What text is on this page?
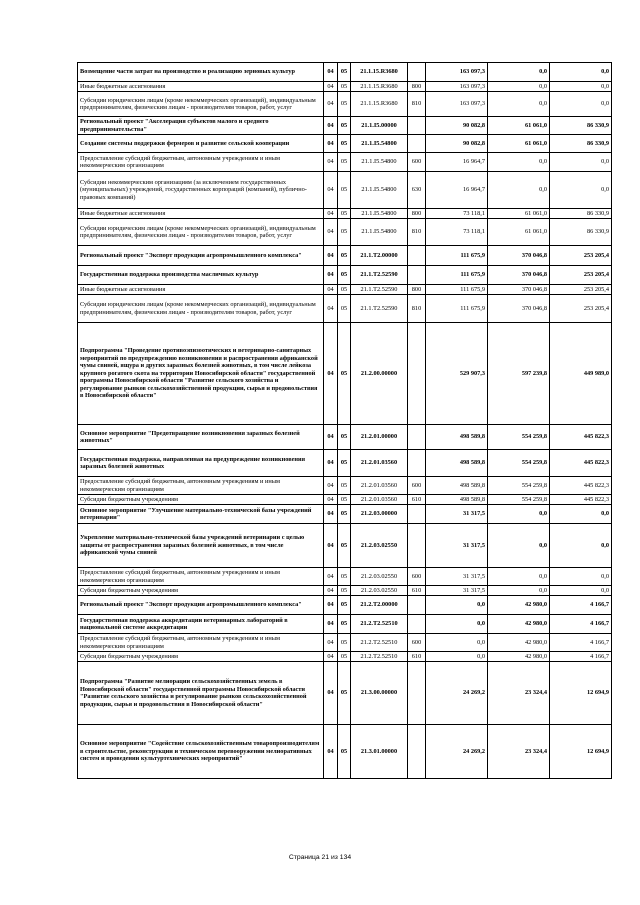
Возмещение части затрат на производство и реализацию зерновых культур	04	05	21.1.15.R3680		163 097,3	0,0	0,0
Иные бюджетные ассигнования	04	05	21.1.15.R3680	800	163 097,3	0,0	0,0
Субсидии юридическим лицам (кроме некоммерческих организаций), индивидуальным предпринимателям, физическим лицам - производителям товаров, работ, услуг	04	05	21.1.15.R3680	810	163 097,3	0,0	0,0
Региональный проект "Акселерация субъектов малого и среднего предпринимательства"	04	05	21.1.I5.00000		90 082,8	61 061,0	86 330,9
Создание системы поддержки фермеров и развитие сельской кооперации	04	05	21.1.I5.54800		90 082,8	61 061,0	86 330,9
Предоставление субсидий бюджетным, автономным учреждениям и иным некоммерческим организациям	04	05	21.1.I5.54800	600	16 964,7	0,0	0,0
Субсидии некоммерческим организациям (за исключением государственных (муниципальных) учреждений, государственных корпораций (компаний), публично-правовых компаний)	04	05	21.1.I5.54800	630	16 964,7	0,0	0,0
Иные бюджетные ассигнования	04	05	21.1.I5.54800	800	73 118,1	61 061,0	86 330,9
Субсидии юридическим лицам (кроме некоммерческих организаций), индивидуальным предпринимателям, физическим лицам - производителям товаров, работ, услуг	04	05	21.1.I5.54800	810	73 118,1	61 061,0	86 330,9
Региональный проект "Экспорт продукции агропромышленного комплекса"	04	05	21.1.T2.00000		111 675,9	370 046,8	253 205,4
Государственная поддержка производства масличных культур	04	05	21.1.T2.52590		111 675,9	370 046,8	253 205,4
Иные бюджетные ассигнования	04	05	21.1.T2.52590	800	111 675,9	370 046,8	253 205,4
Субсидии юридическим лицам (кроме некоммерческих организаций), индивидуальным предпринимателям, физическим лицам - производителям товаров, работ, услуг	04	05	21.1.T2.52590	810	111 675,9	370 046,8	253 205,4
Подпрограмма "Проведение противоэпизоотических и ветеринарно-санитарных мероприятий по предупреждению возникновения и распространения африканской чумы свиней, ящура и других заразных болезней животных, в том числе лейкоза крупного рогатого скота на территории Новосибирской области" государственной программы Новосибирской области "Развитие сельского хозяйства и регулирование рынков сельскохозяйственной продукции, сырья и продовольствия в Новосибирской области"	04	05	21.2.00.00000		529 907,3	597 239,8	449 989,0
Основное мероприятие "Предотвращение возникновения заразных болезней животных"	04	05	21.2.01.00000		498 589,8	554 259,8	445 822,3
Государственная поддержка, направленная на предупреждение возникновения заразных болезней животных	04	05	21.2.01.03560		498 589,8	554 259,8	445 822,3
Предоставление субсидий бюджетным, автономным учреждениям и иным некоммерческим организациям	04	05	21.2.01.03560	600	498 589,8	554 259,8	445 822,3
Субсидии бюджетным учреждениям	04	05	21.2.01.03560	610	498 589,8	554 259,8	445 822,3
Основное мероприятие "Улучшение материально-технической базы учреждений ветеринарии"	04	05	21.2.03.00000		31 317,5	0,0	0,0
Укрепление материально-технической базы учреждений ветеринарии с целью защиты от распространения заразных болезней животных, в том числе африканской чумы свиней	04	05	21.2.03.02550		31 317,5	0,0	0,0
Предоставление субсидий бюджетным, автономным учреждениям и иным некоммерческим организациям	04	05	21.2.03.02550	600	31 317,5	0,0	0,0
Субсидии бюджетным учреждениям	04	05	21.2.03.02550	610	31 317,5	0,0	0,0
Региональный проект "Экспорт продукции агропромышленного комплекса"	04	05	21.2.T2.00000		0,0	42 980,0	4 166,7
Государственная поддержка аккредитации ветеринарных лабораторий в национальной системе аккредитации	04	05	21.2.T2.52510		0,0	42 980,0	4 166,7
Предоставление субсидий бюджетным, автономным учреждениям и иным некоммерческим организациям	04	05	21.2.T2.52510	600	0,0	42 980,0	4 166,7
Субсидии бюджетным учреждениям	04	05	21.2.T2.52510	610	0,0	42 980,0	4 166,7
Подпрограмма "Развитие мелиорации сельскохозяйственных земель в Новосибирской области" государственной программы Новосибирской области "Развитие сельского хозяйства и регулирование рынков сельскохозяйственной продукции, сырья и продовольствия в Новосибирской области"	04	05	21.3.00.00000		24 269,2	23 324,4	12 694,9
Основное мероприятие "Содействие сельскохозяйственным товаропроизводителям в строительстве, реконструкции и техническом перевооружении мелиоративных систем и проведении культуртехнических мероприятий"	04	05	21.3.01.00000		24 269,2	23 324,4	12 694,9
Страница 21 из 134
